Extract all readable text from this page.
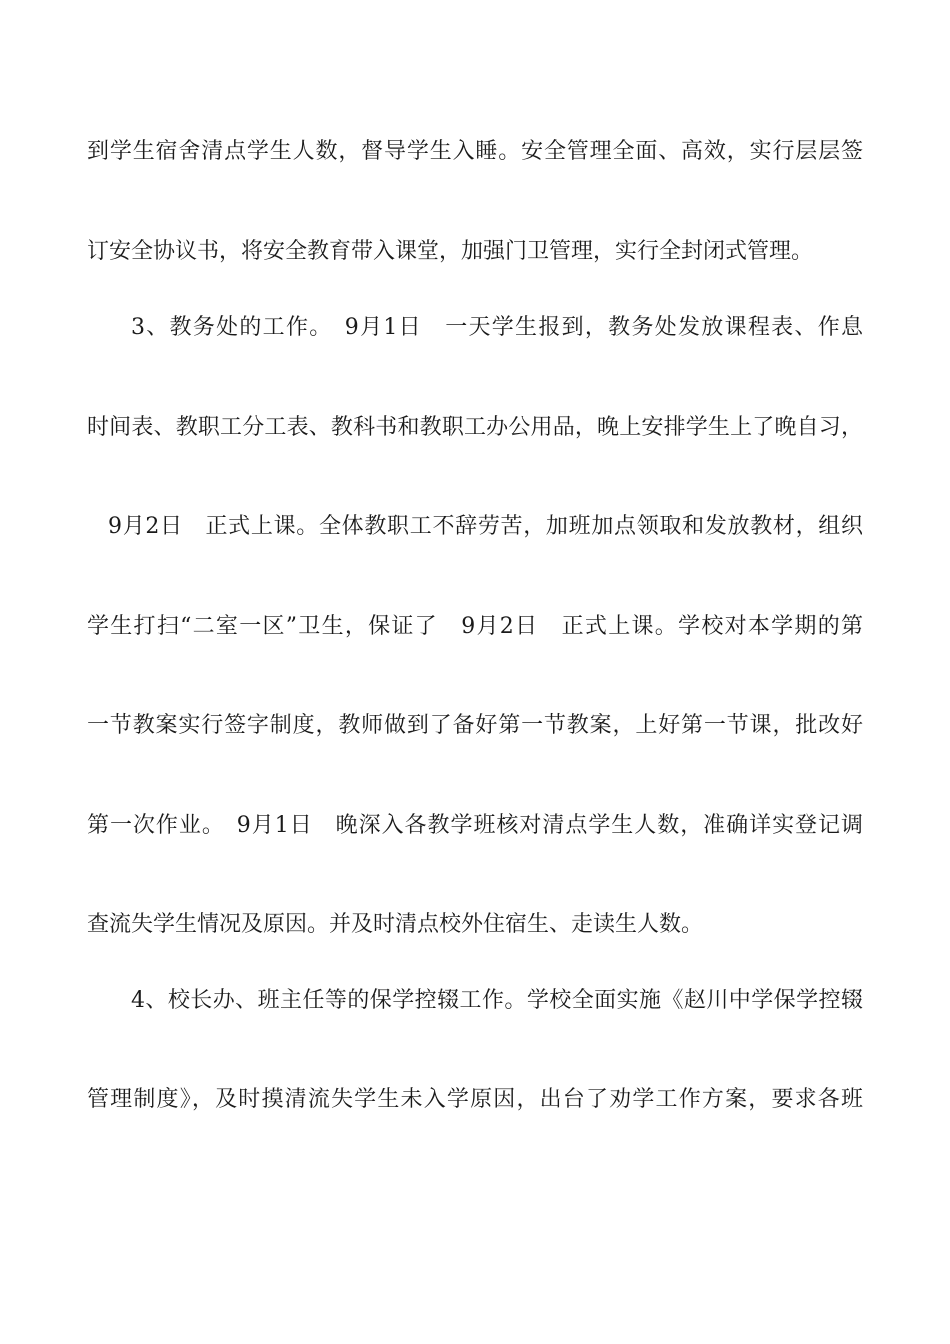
到学生宿舍清点学生人数，督导学生入睡。安全管理全面、高效，实行层层签
订安全协议书，将安全教育带入课堂，加强门卫管理，实行全封闭式管理。
3、教务处的工作。　9月1日　一天学生报到，教务处发放课程表、作息
时间表、教职工分工表、教科书和教职工办公用品，晚上安排学生上了晚自习，
9月2日　正式上课。全体教职工不辞劳苦，加班加点领取和发放教材，组织
学生打扫“二室一区”卫生，保证了　9月2日　正式上课。学校对本学期的第
一节教案实行签字制度，教师做到了备好第一节教案，上好第一节课，批改好
第一次作业。　9月1日　晚深入各教学班核对清点学生人数，准确详实登记调
查流失学生情况及原因。并及时清点校外住宿生、走读生人数。
4、校长办、班主任等的保学控辍工作。学校全面实施《赵川中学保学控辍
管理制度》，及时摸清流失学生未入学原因，出台了劝学工作方案，要求各班
